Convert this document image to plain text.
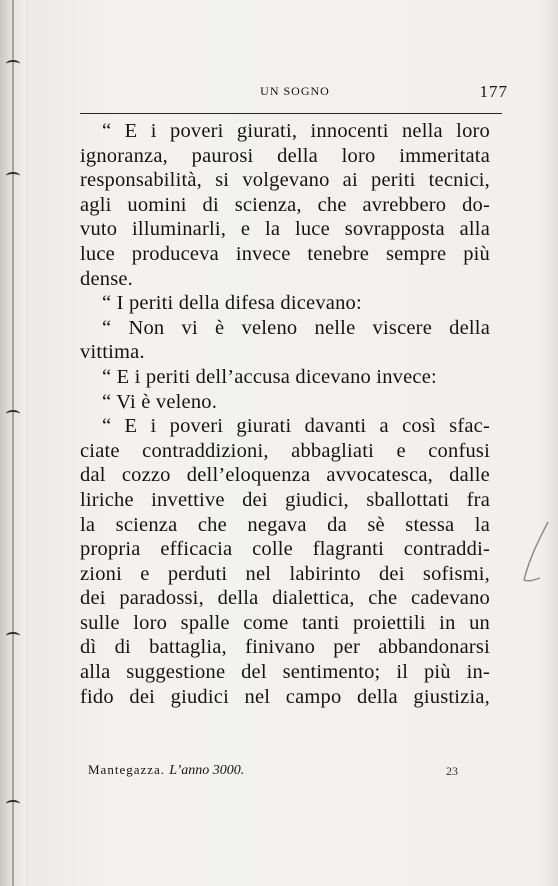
UN SOGNO	177
“ E i poveri giurati, innocenti nella loro
ignoranza, paurosi della loro immeritata
responsabilità, si volgevano ai periti tecnici,
agli uomini di scienza, che avrebbero do-
vuto illuminarli, e la luce sovrapposta alla
luce produceva invece tenebre sempre più
dense.
“ I periti della difesa dicevano:
“ Non vi è veleno nelle viscere della
vittima.
“ E i periti dell’accusa dicevano invece:
“ Vi è veleno.
“ E i poveri giurati davanti a così sfac-
ciate contraddizioni, abbagliati e confusi
dal cozzo dell’eloquenza avvocatesca, dalle
liriche invettive dei giudici, sballottati fra
la scienza che negava da sè stessa la
propria efficacia colle flagranti contraddi-
zioni e perduti nel labirinto dei sofismi,
dei paradossi, della dialettica, che cadevano
sulle loro spalle come tanti proiettili in un
dì di battaglia, finivano per abbandonarsi
alla suggestione del sentimento; il più in-
fido dei giudici nel campo della giustizia,
Mantegazza. L’anno 3000.	23
